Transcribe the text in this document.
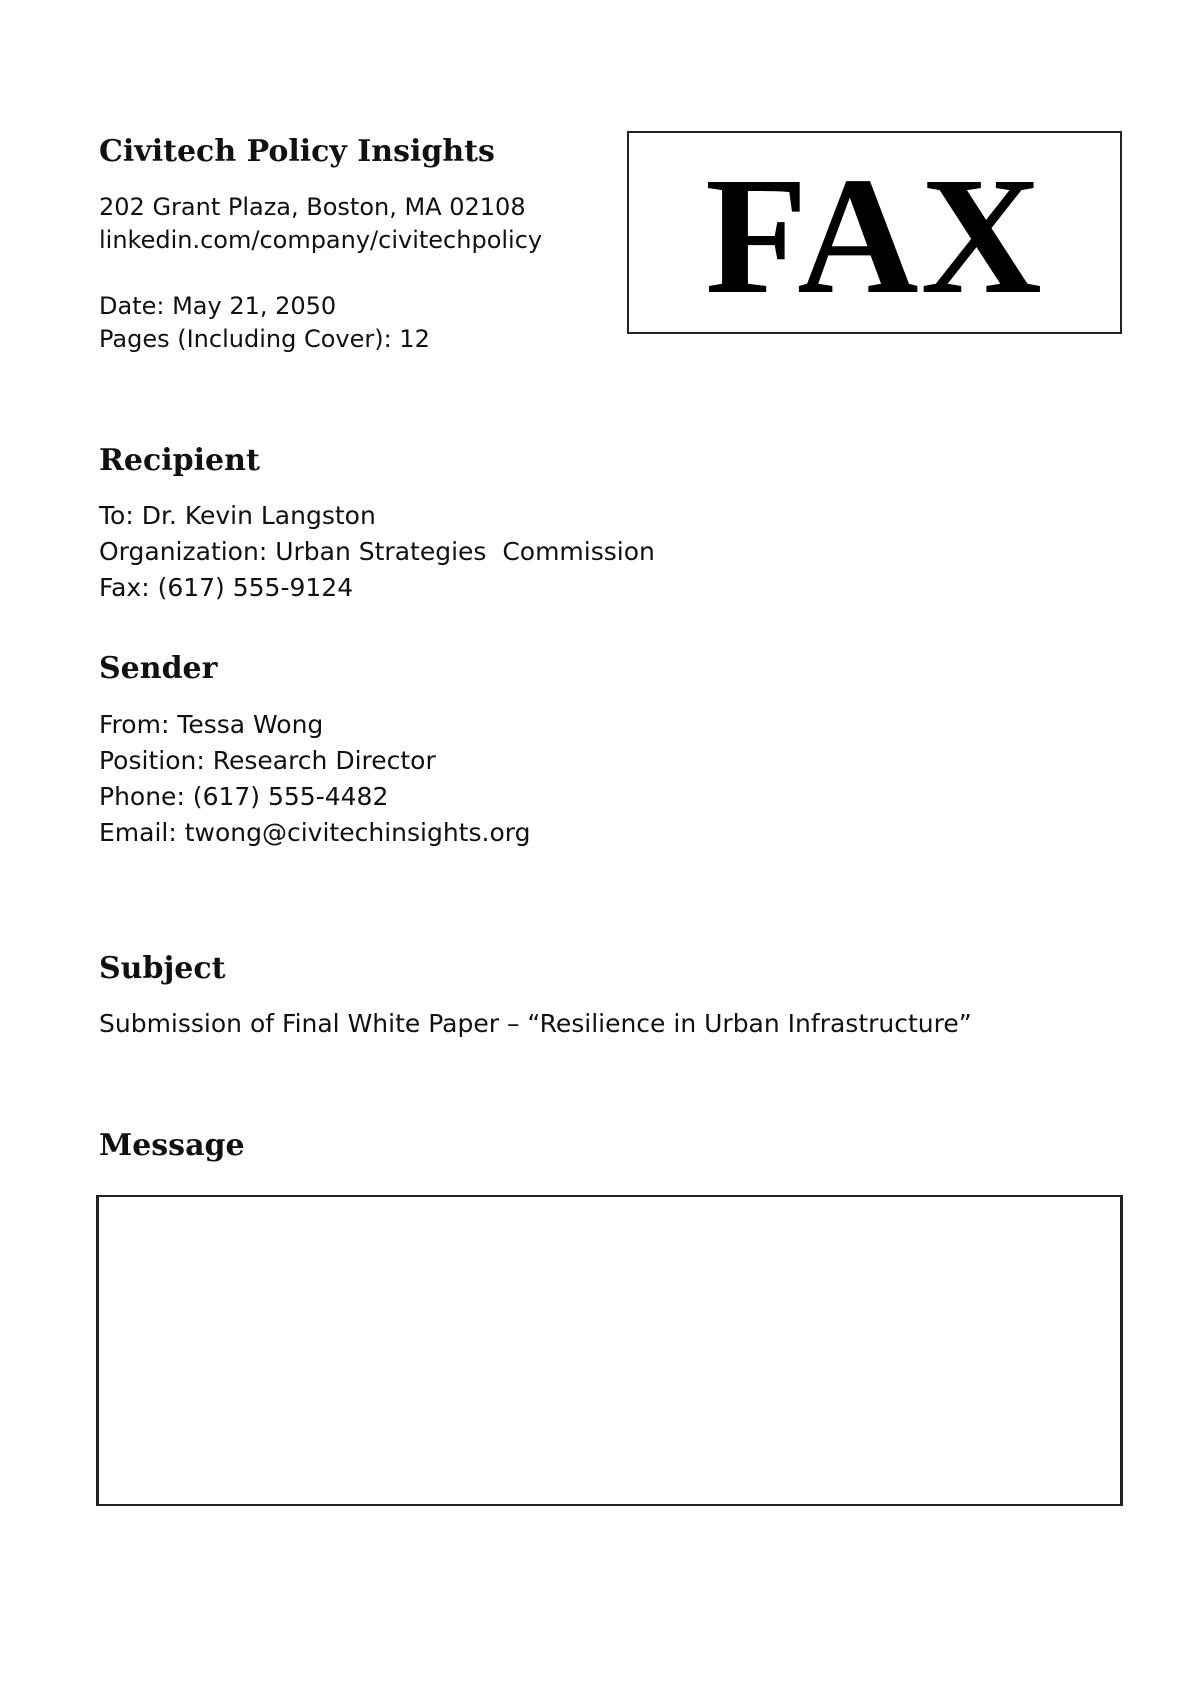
Civitech Policy Insights
202 Grant Plaza, Boston, MA 02108
linkedin.com/company/civitechpolicy
Date: May 21, 2050
Pages (Including Cover): 12
FAX
Recipient
To: Dr. Kevin Langston
Organization: Urban Strategies  Commission
Fax: (617) 555-9124
Sender
From: Tessa Wong
Position: Research Director
Phone: (617) 555-4482
Email: twong@civitechinsights.org
Subject
Submission of Final White Paper – “Resilience in Urban Infrastructure”
Message
